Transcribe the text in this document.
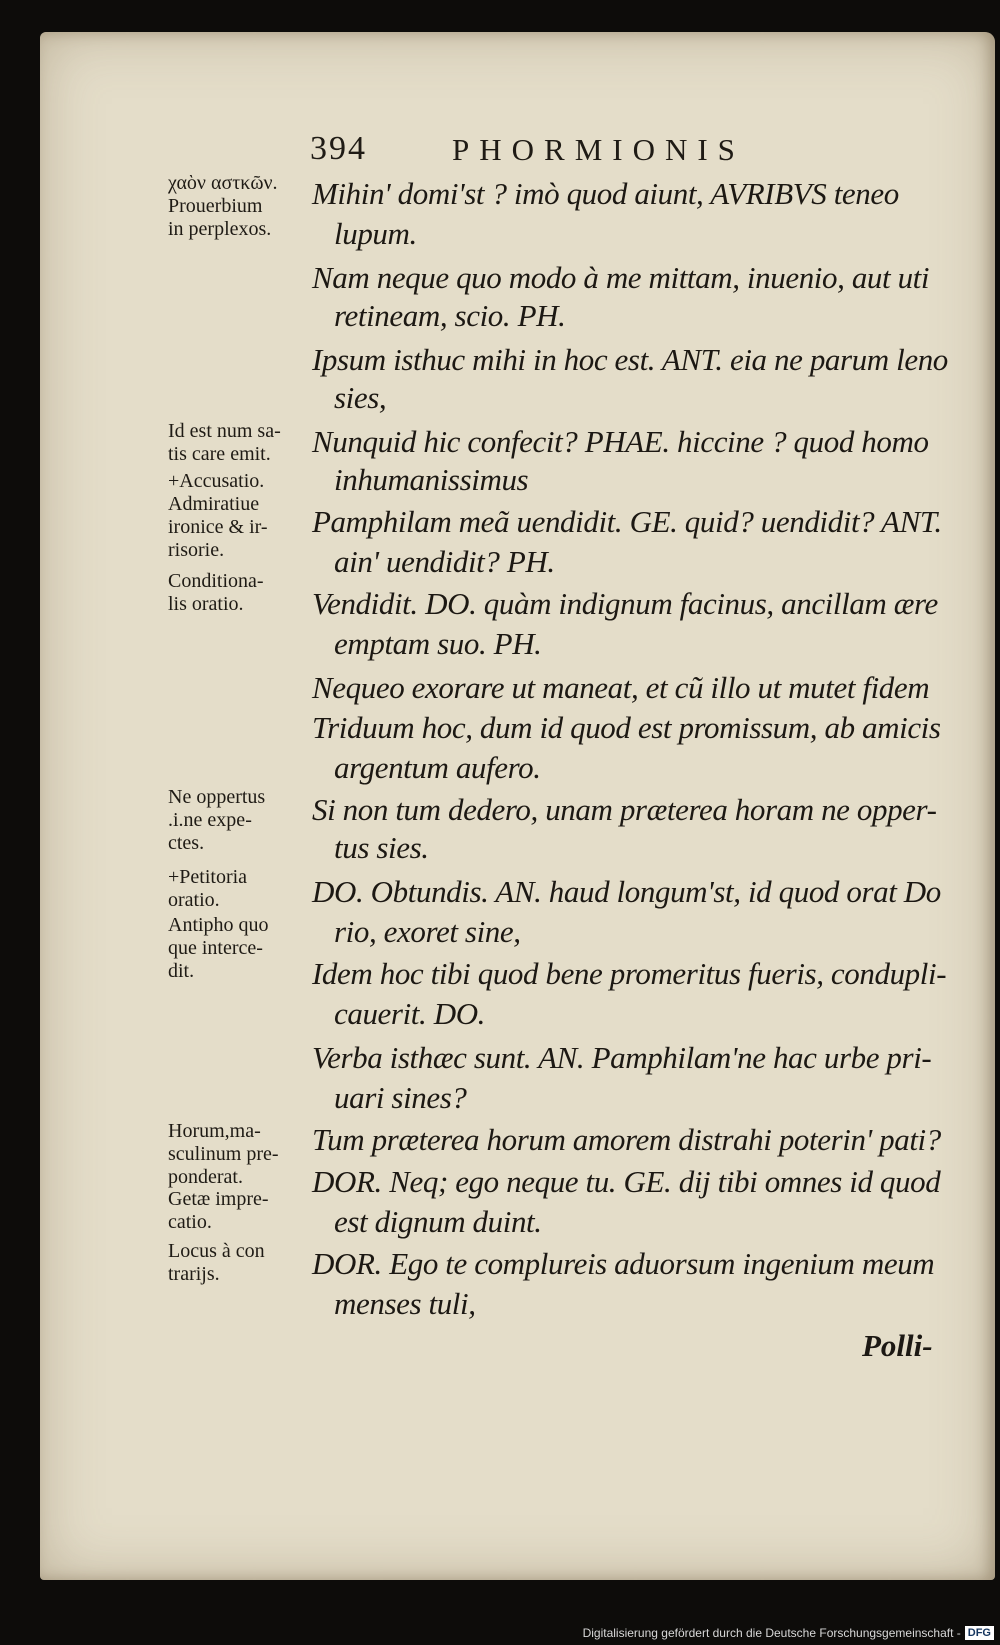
394	PHORMIONIS
χαὸν αστκῶν.
Prouerbium
in perplexos.
Id est num sa-
tis care emit.
+Accusatio.
Admiratiue
ironice & ir-
risorie.
Conditiona-
lis oratio.
Ne oppertus
.i.ne expe-
ctes.
+Petitoria
oratio.
Antipho quo
que interce-
dit.
Horum,ma-
sculinum pre-
ponderat.
Getæ impre-
catio.
Locus à con
trarijs.
Mihin' domi'st ? imò quod aiunt, AVRIBVS teneo
lupum.
Nam neque quo modo à me mittam, inuenio, aut uti
retineam, scio. PH.
Ipsum isthuc mihi in hoc est. ANT. eia ne parum leno
sies,
Nunquid hic confecit? PHAE. hiccine ? quod homo
inhumanissimus
Pamphilam meã uendidit. GE. quid? uendidit? ANT.
ain' uendidit? PH.
Vendidit. DO. quàm indignum facinus, ancillam ære
emptam suo. PH.
Nequeo exorare ut maneat, et cũ illo ut mutet fidem
Triduum hoc, dum id quod est promissum, ab amicis
argentum aufero.
Si non tum dedero, unam præterea horam ne opper-
tus sies.
DO. Obtundis. AN. haud longum'st, id quod orat Do
rio, exoret sine,
Idem hoc tibi quod bene promeritus fueris, condupli-
cauerit. DO.
Verba isthæc sunt. AN. Pamphilam'ne hac urbe pri-
uari sines?
Tum præterea horum amorem distrahi poterin' pati?
DOR. Neq; ego neque tu. GE. dij tibi omnes id quod
est dignum duint.
DOR. Ego te complureis aduorsum ingenium meum
menses tuli,
Polli-
Digitalisierung gefördert durch die Deutsche Forschungsgemeinschaft - DFG
